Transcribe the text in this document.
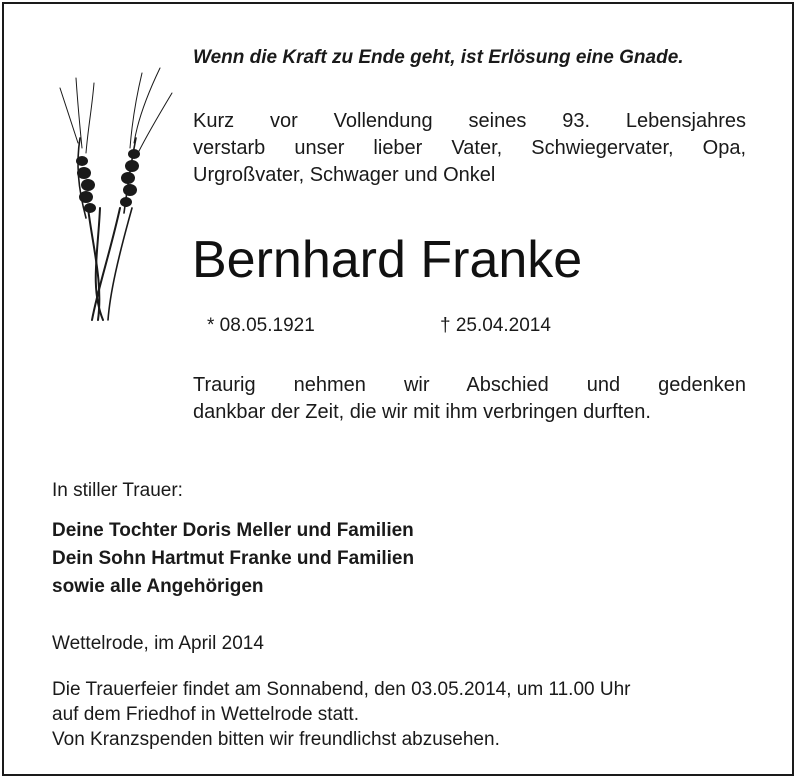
Wenn die Kraft zu Ende geht, ist Erlösung eine Gnade.
Kurz vor Vollendung seines 93. Lebensjahres
verstarb unser lieber Vater, Schwiegervater, Opa,
Urgroßvater, Schwager und Onkel
Bernhard Franke
* 08.05.1921	† 25.04.2014
Traurig nehmen wir Abschied und gedenken
dankbar der Zeit, die wir mit ihm verbringen durften.
In stiller Trauer:
Deine Tochter Doris Meller und Familien
Dein Sohn Hartmut Franke und Familien
sowie alle Angehörigen
Wettelrode, im April 2014
Die Trauerfeier findet am Sonnabend, den 03.05.2014, um 11.00 Uhr
auf dem Friedhof in Wettelrode statt.
Von Kranzspenden bitten wir freundlichst abzusehen.
